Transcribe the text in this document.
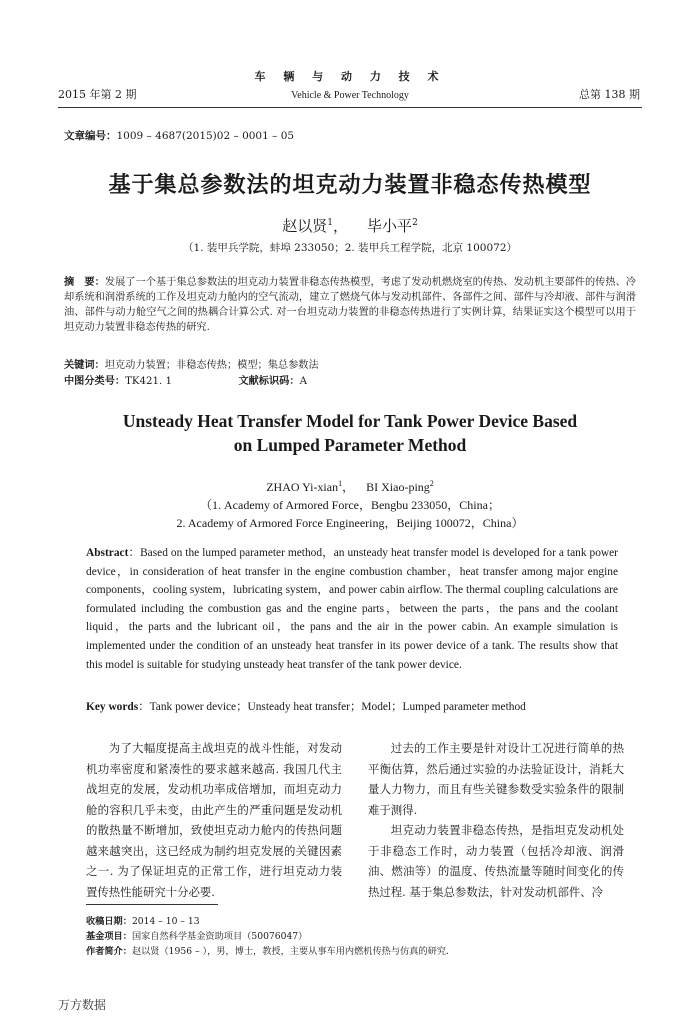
2015 年第 2 期
车 辆 与 动 力 技 术
Vehicle & Power Technology	总第 138 期
文章编号：1009 – 4687(2015)02 – 0001 – 05
基于集总参数法的坦克动力装置非稳态传热模型
赵以贤$^1$， 毕小平$^2$
（1. 装甲兵学院，蚌埠 233050；2. 装甲兵工程学院，北京 100072）
摘　要：发展了一个基于集总参数法的坦克动力装置非稳态传热模型，考虑了发动机燃烧室的传热、发动机主要部件的传热、冷却系统和润滑系统的工作及坦克动力舱内的空气流动，建立了燃烧气体与发动机部件、各部件之间、部件与冷却液、部件与润滑油、部件与动力舱空气之间的热耦合计算公式. 对一台坦克动力装置的非稳态传热进行了实例计算，结果证实这个模型可以用于坦克动力装置非稳态传热的研究.
关键词：坦克动力装置；非稳态传热；模型；集总参数法
中图分类号：TK421. 1	文献标识码：A
Unsteady Heat Transfer Model for Tank Power Device Based
on Lumped Parameter Method
ZHAO Yi-xian$^1$， BI Xiao-ping$^2$
（1. Academy of Armored Force，Bengbu 233050，China；
2. Academy of Armored Force Engineering，Beijing 100072，China）
Abstract：Based on the lumped parameter method，an unsteady heat transfer model is developed for a tank power device，in consideration of heat transfer in the engine combustion chamber，heat transfer among major engine components，cooling system，lubricating system，and power cabin airflow. The thermal coupling calculations are formulated including the combustion gas and the engine parts，between the parts，the pans and the coolant liquid，the parts and the lubricant oil，the pans and the air in the power cabin. An example simulation is implemented under the condition of an unsteady heat transfer in its power device of a tank. The results show that this model is suitable for studying unsteady heat transfer of the tank power device.
Key words：Tank power device；Unsteady heat transfer；Model；Lumped parameter method

为了大幅度提高主战坦克的战斗性能，对发动机功率密度和紧凑性的要求越来越高. 我国几代主战坦克的发展，发动机功率成倍增加，而坦克动力舱的容积几乎未变，由此产生的严重问题是发动机的散热量不断增加，致使坦克动力舱内的传热问题越来越突出，这已经成为制约坦克发展的关键因素之一. 为了保证坦克的正常工作，进行坦克动力装置传热性能研究十分必要.

过去的工作主要是针对设计工况进行简单的热平衡估算，然后通过实验的办法验证设计，消耗大量人力物力，而且有些关键参数受实验条件的限制难于测得.

坦克动力装置非稳态传热，是指坦克发动机处于非稳态工作时，动力装置（包括冷却液、润滑油、燃油等）的温度、传热流量等随时间变化的传热过程. 基于集总参数法，针对发动机部件、冷

收稿日期：2014 – 10 – 13
基金项目：国家自然科学基金资助项目（50076047）
作者简介：赵以贤（1956 – ），男，博士，教授，主要从事车用内燃机传热与仿真的研究.
万方数据
